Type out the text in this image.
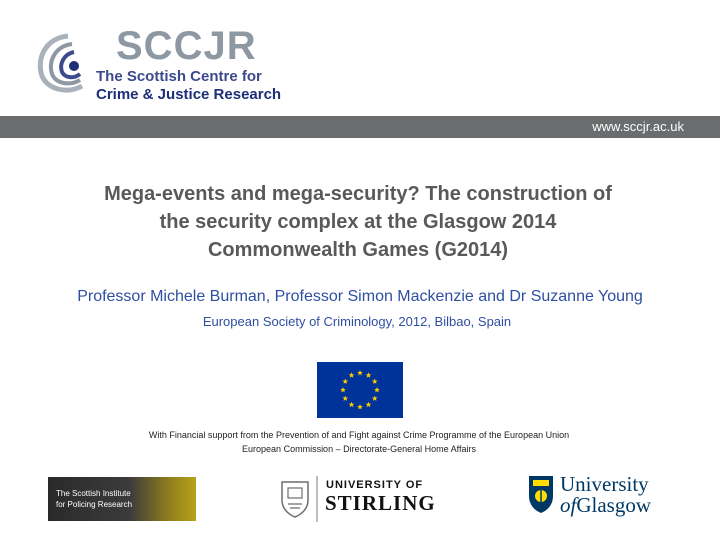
SCCJR
The Scottish Centre for
Crime & Justice Research
www.sccjr.ac.uk
Mega-events and mega-security? The construction of
the security complex at the Glasgow 2014
Commonwealth Games (G2014)
Professor Michele Burman, Professor Simon Mackenzie and Dr Suzanne Young
European Society of Criminology, 2012, Bilbao, Spain
With Financial support from the Prevention of and Fight against Crime Programme of the European Union
European Commission – Directorate-General Home Affairs
The Scottish Institute
for Policing Research
UNIVERSITY OF
STIRLING
University
ofGlasgow
